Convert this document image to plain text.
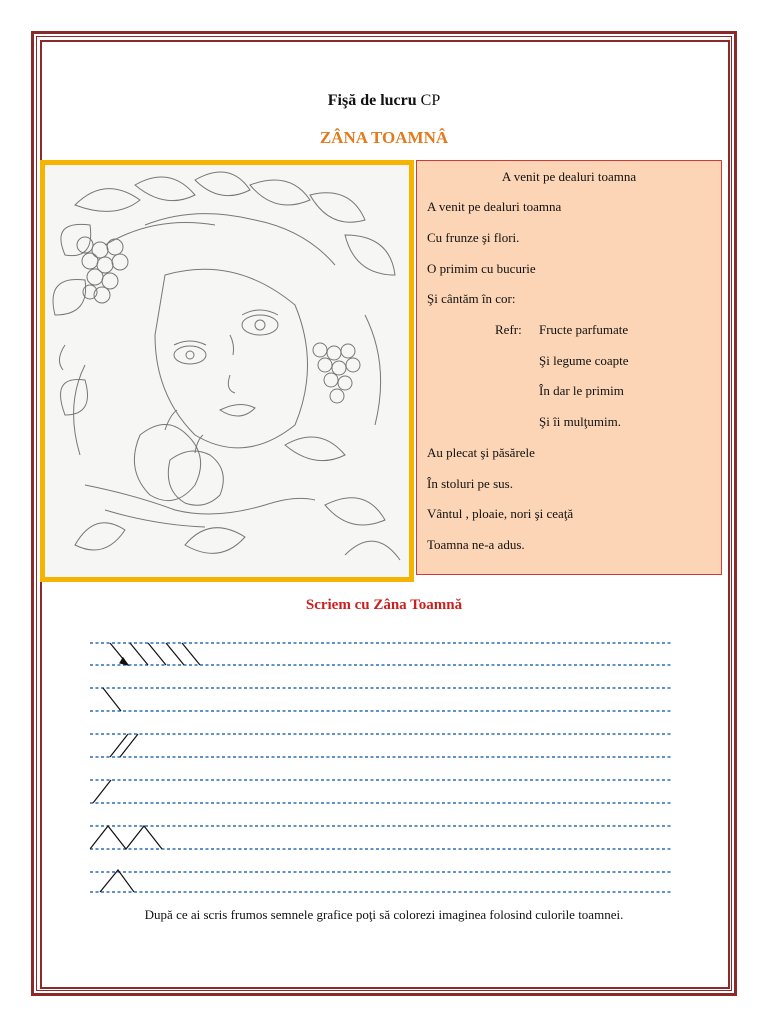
Fişă de lucru CP
ZÂNA TOAMNÂ
A venit pe dealuri toamna
A venit pe dealuri toamna
Cu frunze şi flori.
O primim cu bucurie
Şi cântăm în cor:
Refr: Fructe parfumate
Şi legume coapte
În dar le primim
Şi îi mulţumim.
Au plecat şi păsărele
În stoluri pe sus.
Vântul , ploaie, nori şi ceaţă
Toamna ne-a adus.
Scriem cu Zâna Toamnă
După ce ai scris frumos semnele grafice poţi să colorezi imaginea folosind culorile toamnei.
